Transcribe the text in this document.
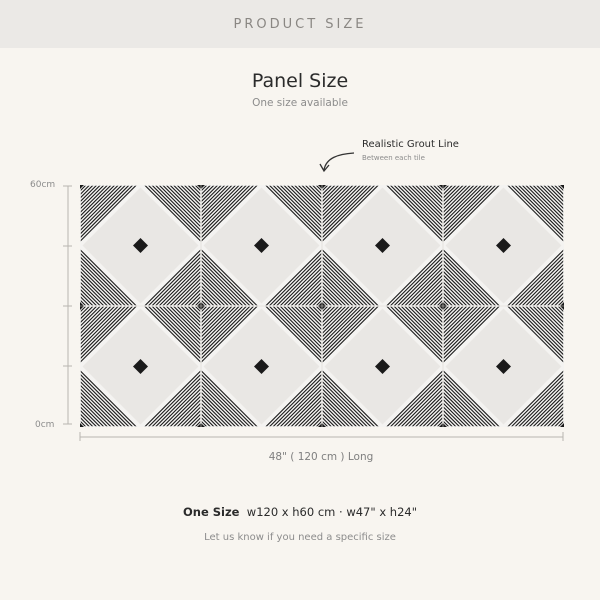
PRODUCT SIZE
Panel Size
One size available
Realistic Grout Line
Between each tile
60cm
0cm
48" ( 120 cm ) Long
One Size w120 x h60 cm · w47" x h24"
Let us know if you need a specific size
